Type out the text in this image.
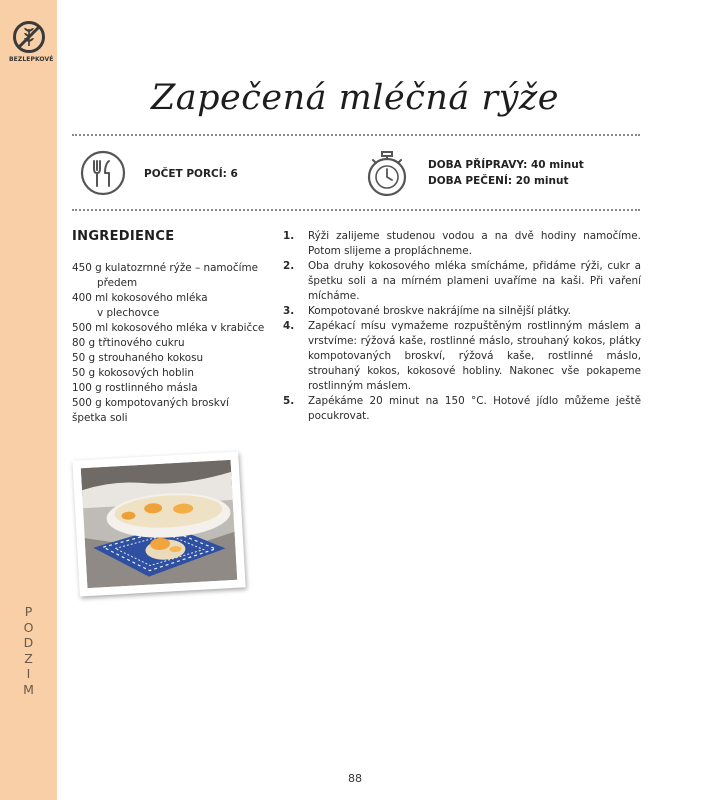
BEZLEPKOVÉ
P
O
D
Z
I
M
Zapečená mléčná rýže
POČET PORCÍ: 6
DOBA PŘÍPRAVY: 40 minut
DOBA PEČENÍ: 20 minut
INGREDIENCE
450 g kulatozrnné rýže – namočíme
předem
400 ml kokosového mléka
v plechovce
500 ml kokosového mléka v krabičce
80 g třtinového cukru
50 g strouhaného kokosu
50 g kokosových hoblin
100 g rostlinného másla
500 g kompotovaných broskví
špetka soli
1. Rýži zalijeme studenou vodou a na dvě hodiny namočíme. Potom slijeme a propláchneme.
2. Oba druhy kokosového mléka smícháme, přidáme rýži, cukr a špetku soli a na mírném plameni uvaříme na kaši. Při vaření mícháme.
3. Kompotované broskve nakrájíme na silnější plátky.
4. Zapékací mísu vymažeme rozpuštěným rostlinným máslem a vrstvíme: rýžová kaše, rostlinné máslo, strouhaný kokos, plátky kompotovaných broskví, rýžová kaše, rostlinné máslo, strouhaný kokos, kokosové hobliny. Nakonec vše pokapeme rostlinným máslem.
5. Zapékáme 20 minut na 150 °C. Hotové jídlo můžeme ještě pocukrovat.
88
